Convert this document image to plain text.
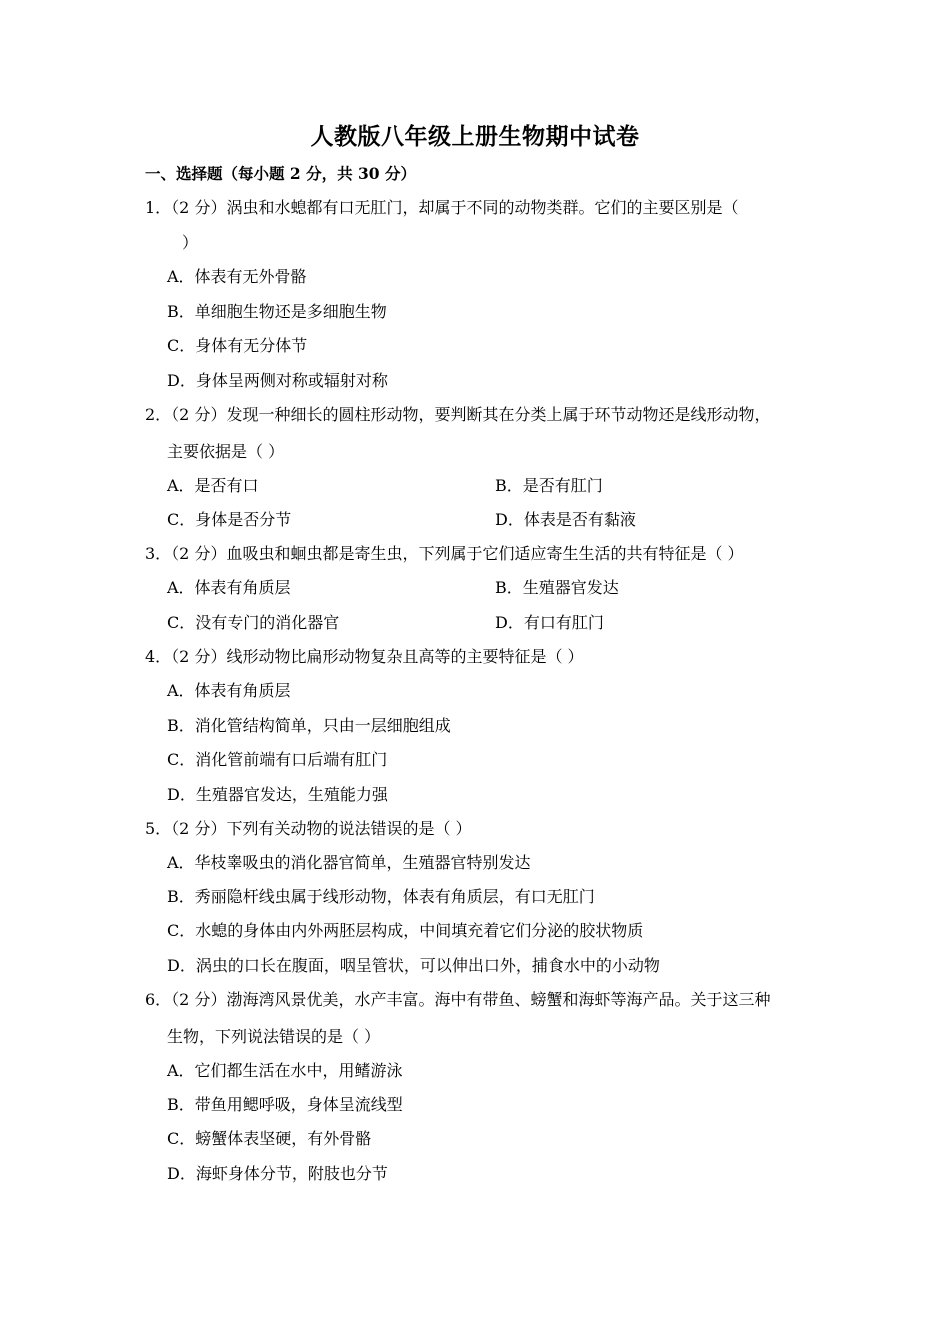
人教版八年级上册生物期中试卷
一、选择题（每小题 2 分，共 30 分）
1．（2 分）涡虫和水螅都有口无肛门，却属于不同的动物类群。它们的主要区别是（
）
A．体表有无外骨骼
B．单细胞生物还是多细胞生物
C．身体有无分体节
D．身体呈两侧对称或辐射对称
2．（2 分）发现一种细长的圆柱形动物，要判断其在分类上属于环节动物还是线形动物，
主要依据是（ ）
A．是否有口	B．是否有肛门
C．身体是否分节	D．体表是否有黏液
3．（2 分）血吸虫和蛔虫都是寄生虫，下列属于它们适应寄生生活的共有特征是（ ）
A．体表有角质层	B．生殖器官发达
C．没有专门的消化器官	D．有口有肛门
4．（2 分）线形动物比扁形动物复杂且高等的主要特征是（ ）
A．体表有角质层
B．消化管结构简单，只由一层细胞组成
C．消化管前端有口后端有肛门
D．生殖器官发达，生殖能力强
5．（2 分）下列有关动物的说法错误的是（ ）
A．华枝睾吸虫的消化器官简单，生殖器官特别发达
B．秀丽隐杆线虫属于线形动物，体表有角质层，有口无肛门
C．水螅的身体由内外两胚层构成，中间填充着它们分泌的胶状物质
D．涡虫的口长在腹面，咽呈管状，可以伸出口外，捕食水中的小动物
6．（2 分）渤海湾风景优美，水产丰富。海中有带鱼、螃蟹和海虾等海产品。关于这三种
生物，下列说法错误的是（ ）
A．它们都生活在水中，用鳍游泳
B．带鱼用鳃呼吸，身体呈流线型
C．螃蟹体表坚硬，有外骨骼
D．海虾身体分节，附肢也分节
